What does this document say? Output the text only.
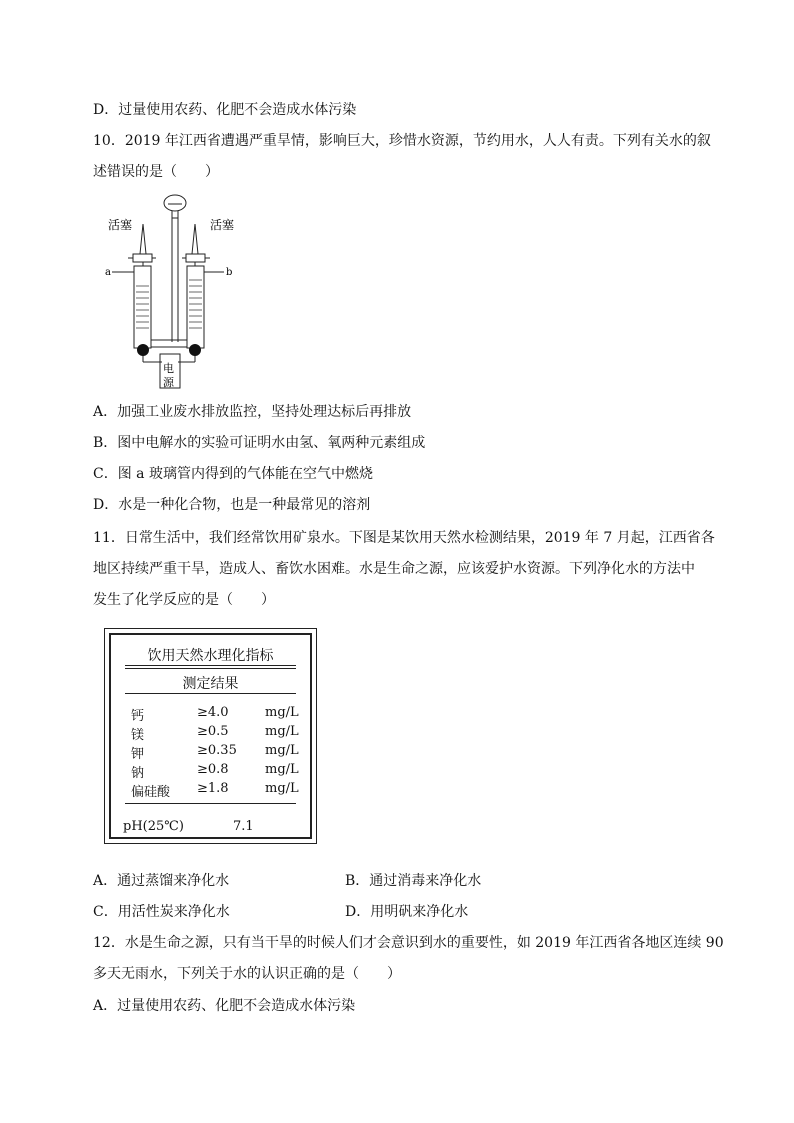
D．过量使用农药、化肥不会造成水体污染
10．2019 年江西省遭遇严重旱情，影响巨大，珍惜水资源，节约用水，人人有责。下列有关水的叙
述错误的是（　　）
活塞	活塞
a	b
电
源
A．加强工业废水排放监控，坚持处理达标后再排放
B．图中电解水的实验可证明水由氢、氧两种元素组成
C．图 a 玻璃管内得到的气体能在空气中燃烧
D．水是一种化合物，也是一种最常见的溶剂
11．日常生活中，我们经常饮用矿泉水。下图是某饮用天然水检测结果，2019 年 7 月起，江西省各
地区持续严重干旱，造成人、畜饮水困难。水是生命之源，应该爱护水资源。下列净化水的方法中
发生了化学反应的是（　　）
饮用天然水理化指标
测定结果
钙	≥4.0	mg/L
镁	≥0.5	mg/L
钾	≥0.35 mg/L
钠	≥0.8	mg/L
偏硅酸 ≥1.8	mg/L
pH(25℃)	7.1
A．通过蒸馏来净化水	B．通过消毒来净化水
C．用活性炭来净化水	D．用明矾来净化水
12．水是生命之源，只有当干旱的时候人们才会意识到水的重要性，如 2019 年江西省各地区连续 90
多天无雨水，下列关于水的认识正确的是（　　）
A．过量使用农药、化肥不会造成水体污染
